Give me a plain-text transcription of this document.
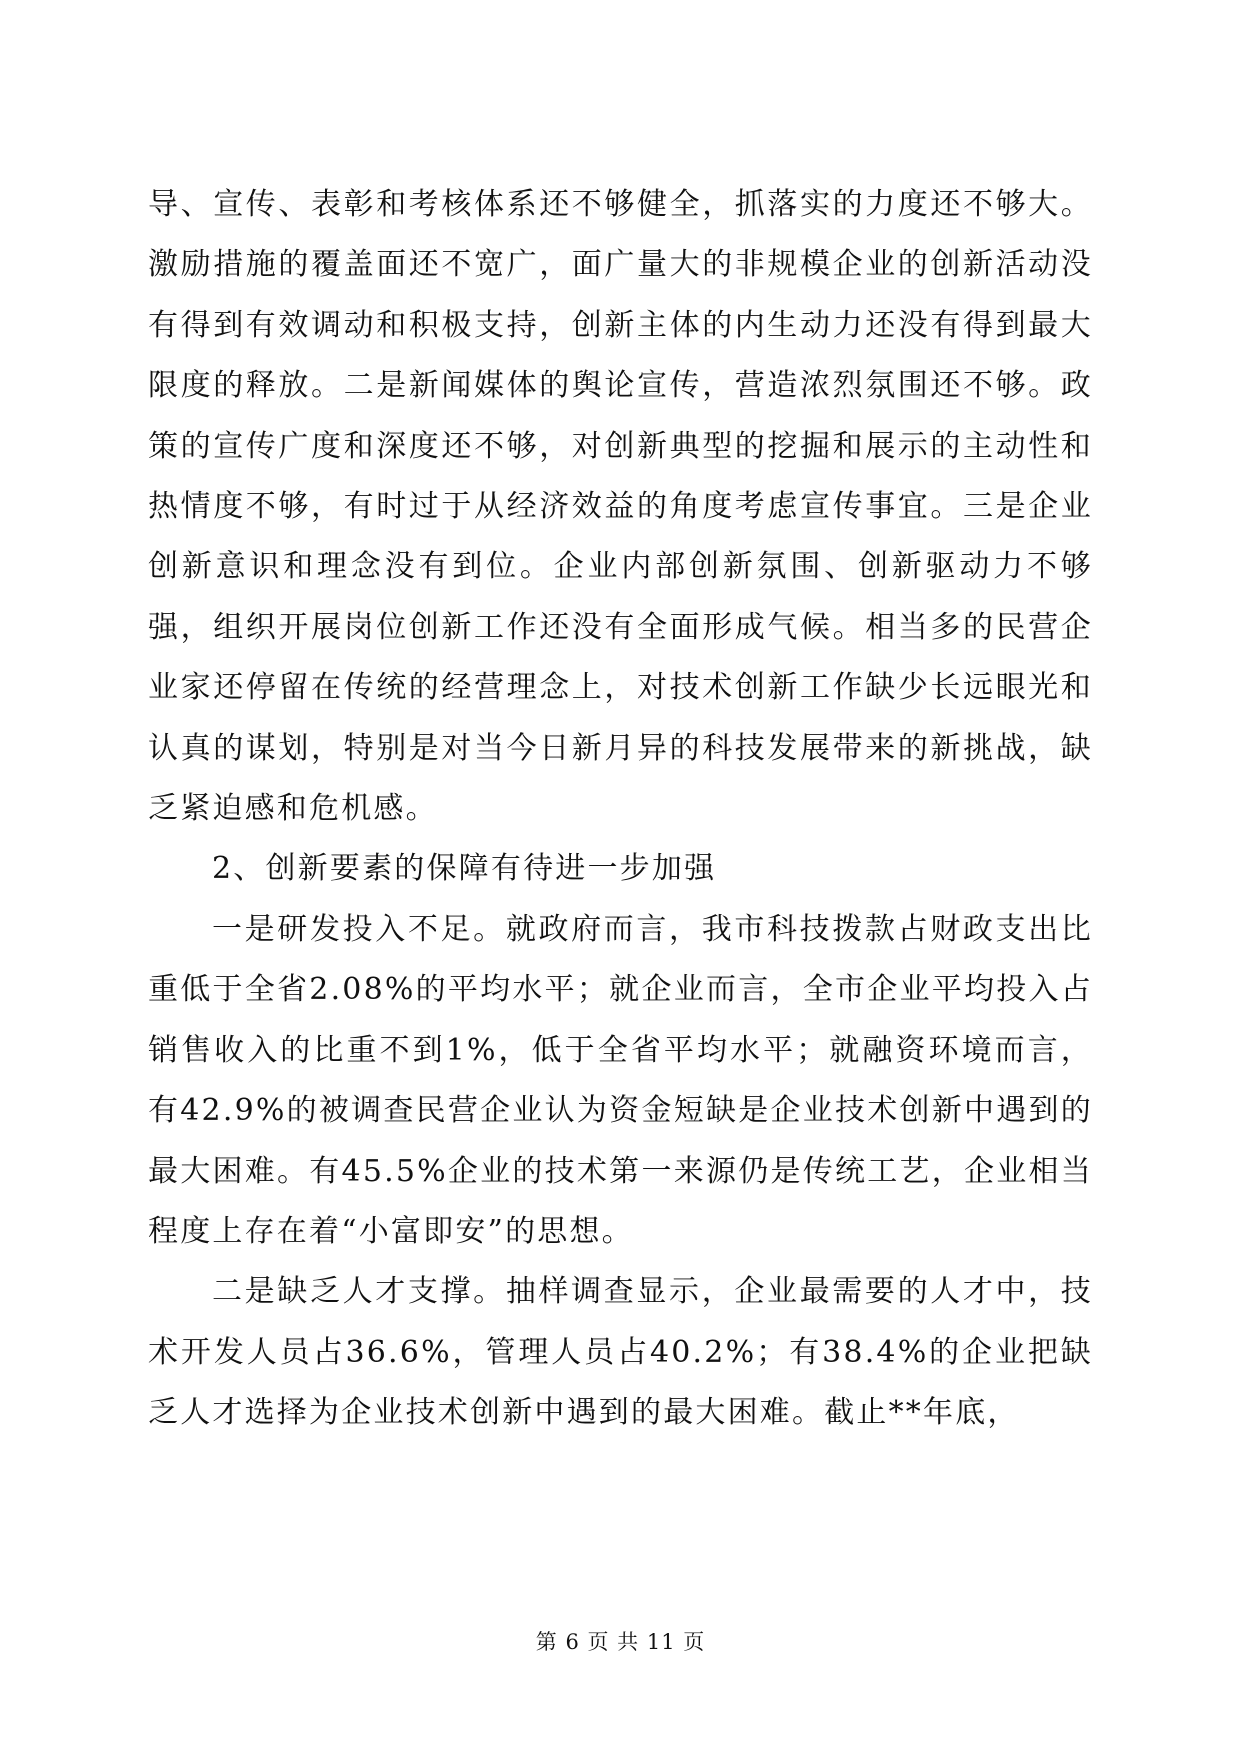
导、宣传、表彰和考核体系还不够健全，抓落实的力度还不够大。激励措施的覆盖面还不宽广，面广量大的非规模企业的创新活动没有得到有效调动和积极支持，创新主体的内生动力还没有得到最大限度的释放。二是新闻媒体的舆论宣传，营造浓烈氛围还不够。政策的宣传广度和深度还不够，对创新典型的挖掘和展示的主动性和热情度不够，有时过于从经济效益的角度考虑宣传事宜。三是企业创新意识和理念没有到位。企业内部创新氛围、创新驱动力不够强，组织开展岗位创新工作还没有全面形成气候。相当多的民营企业家还停留在传统的经营理念上，对技术创新工作缺少长远眼光和认真的谋划，特别是对当今日新月异的科技发展带来的新挑战，缺乏紧迫感和危机感。

2、创新要素的保障有待进一步加强

一是研发投入不足。就政府而言，我市科技拨款占财政支出比重低于全省2.08%的平均水平；就企业而言，全市企业平均投入占销售收入的比重不到1%，低于全省平均水平；就融资环境而言，有42.9%的被调查民营企业认为资金短缺是企业技术创新中遇到的最大困难。有45.5%企业的技术第一来源仍是传统工艺，企业相当程度上存在着“小富即安”的思想。

二是缺乏人才支撑。抽样调查显示，企业最需要的人才中，技术开发人员占36.6%，管理人员占40.2%；有38.4%的企业把缺乏人才选择为企业技术创新中遇到的最大困难。截止**年底，

第 6 页 共 11 页
